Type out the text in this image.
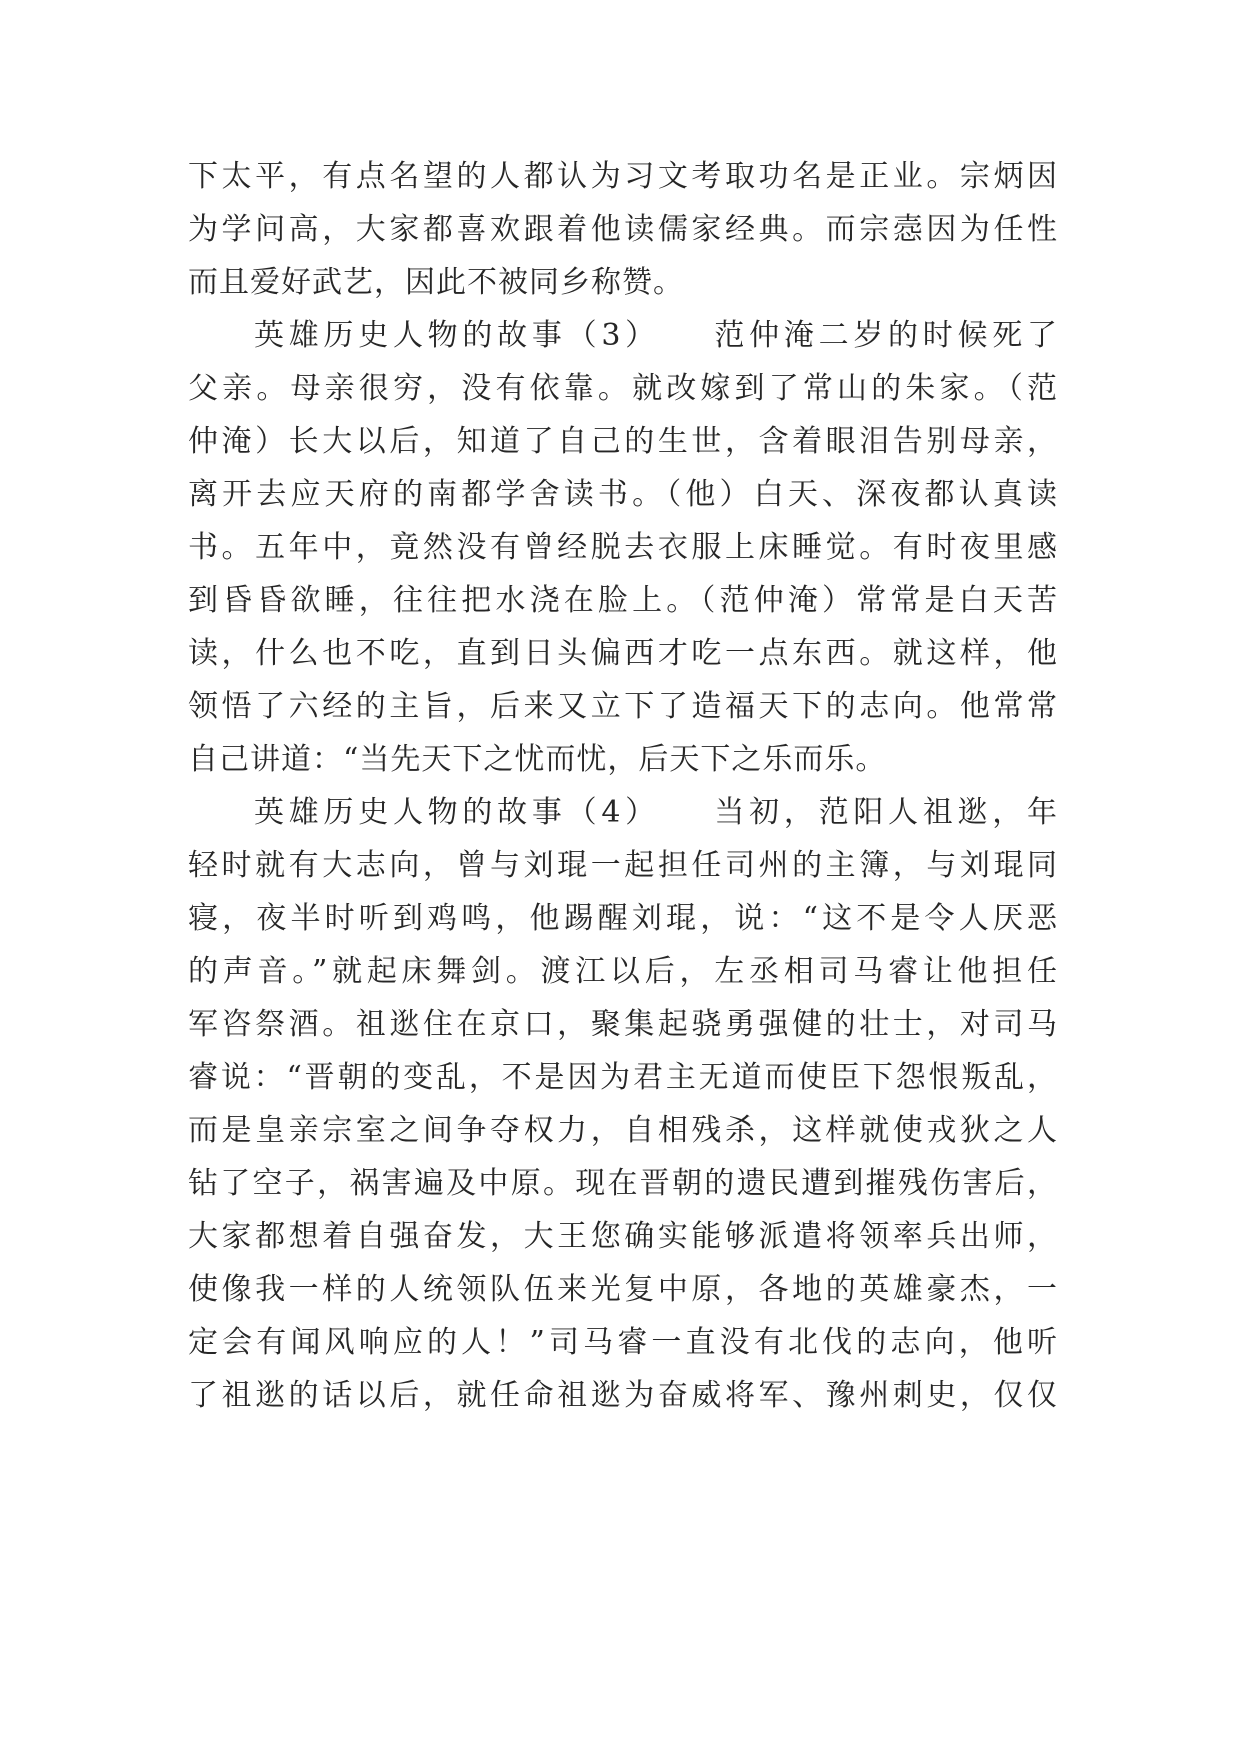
下太平，有点名望的人都认为习文考取功名是正业。宗炳因
为学问高，大家都喜欢跟着他读儒家经典。而宗悫因为任性
而且爱好武艺，因此不被同乡称赞。
英雄历史人物的故事（3）　　范仲淹二岁的时候死了
父亲。母亲很穷，没有依靠。就改嫁到了常山的朱家。（范
仲淹）长大以后，知道了自己的生世，含着眼泪告别母亲，
离开去应天府的南都学舍读书。（他）白天、深夜都认真读
书。五年中，竟然没有曾经脱去衣服上床睡觉。有时夜里感
到昏昏欲睡，往往把水浇在脸上。（范仲淹）常常是白天苦
读，什么也不吃，直到日头偏西才吃一点东西。就这样，他
领悟了六经的主旨，后来又立下了造福天下的志向。他常常
自己讲道：“当先天下之忧而忧，后天下之乐而乐。
英雄历史人物的故事（4）　　当初，范阳人祖逖，年
轻时就有大志向，曾与刘琨一起担任司州的主簿，与刘琨同
寝，夜半时听到鸡鸣，他踢醒刘琨，说：“这不是令人厌恶
的声音。”就起床舞剑。渡江以后，左丞相司马睿让他担任
军咨祭酒。祖逖住在京口，聚集起骁勇强健的壮士，对司马
睿说：“晋朝的变乱，不是因为君主无道而使臣下怨恨叛乱，
而是皇亲宗室之间争夺权力，自相残杀，这样就使戎狄之人
钻了空子，祸害遍及中原。现在晋朝的遗民遭到摧残伤害后，
大家都想着自强奋发，大王您确实能够派遣将领率兵出师，
使像我一样的人统领队伍来光复中原，各地的英雄豪杰，一
定会有闻风响应的人！”司马睿一直没有北伐的志向，他听
了祖逖的话以后，就任命祖逖为奋威将军、豫州刺史，仅仅
